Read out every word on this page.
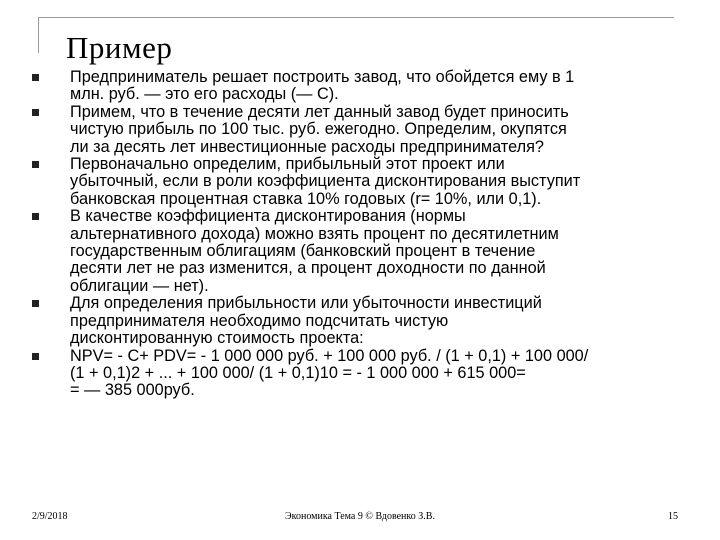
Пример
Предприниматель решает построить завод, что обойдется ему в 1
млн. руб. — это его расходы (— C).
Примем, что в течение десяти лет данный завод будет приносить
чистую прибыль по 100 тыс. руб. ежегодно. Определим, окупятся
ли за десять лет инвестиционные расходы предпринимателя?
Первоначально определим, прибыльный этот проект или
убыточный, если в роли коэффициента дисконтирования выступит
банковская процентная ставка 10% годовых (r= 10%, или 0,1).
В качестве коэффициента дисконтирования (нормы
альтернативного дохода) можно взять процент по десятилетним
государственным облигациям (банковский процент в течение
десяти лет не раз изменится, а процент доходности по данной
облигации — нет).
Для определения прибыльности или убыточности инвестиций
предпринимателя необходимо подсчитать чистую
дисконтированную стоимость проекта:
NPV= - C+ PDV= - 1 000 000 руб. + 100 000 руб. / (1 + 0,1) + 100 000/
(1 + 0,1)2 + ... + 100 000/ (1 + 0,1)10 = - 1 000 000 + 615 000=
= — 385 000руб.
2/9/2018	Экономика Тема 9 © Вдовенко З.В.	15
